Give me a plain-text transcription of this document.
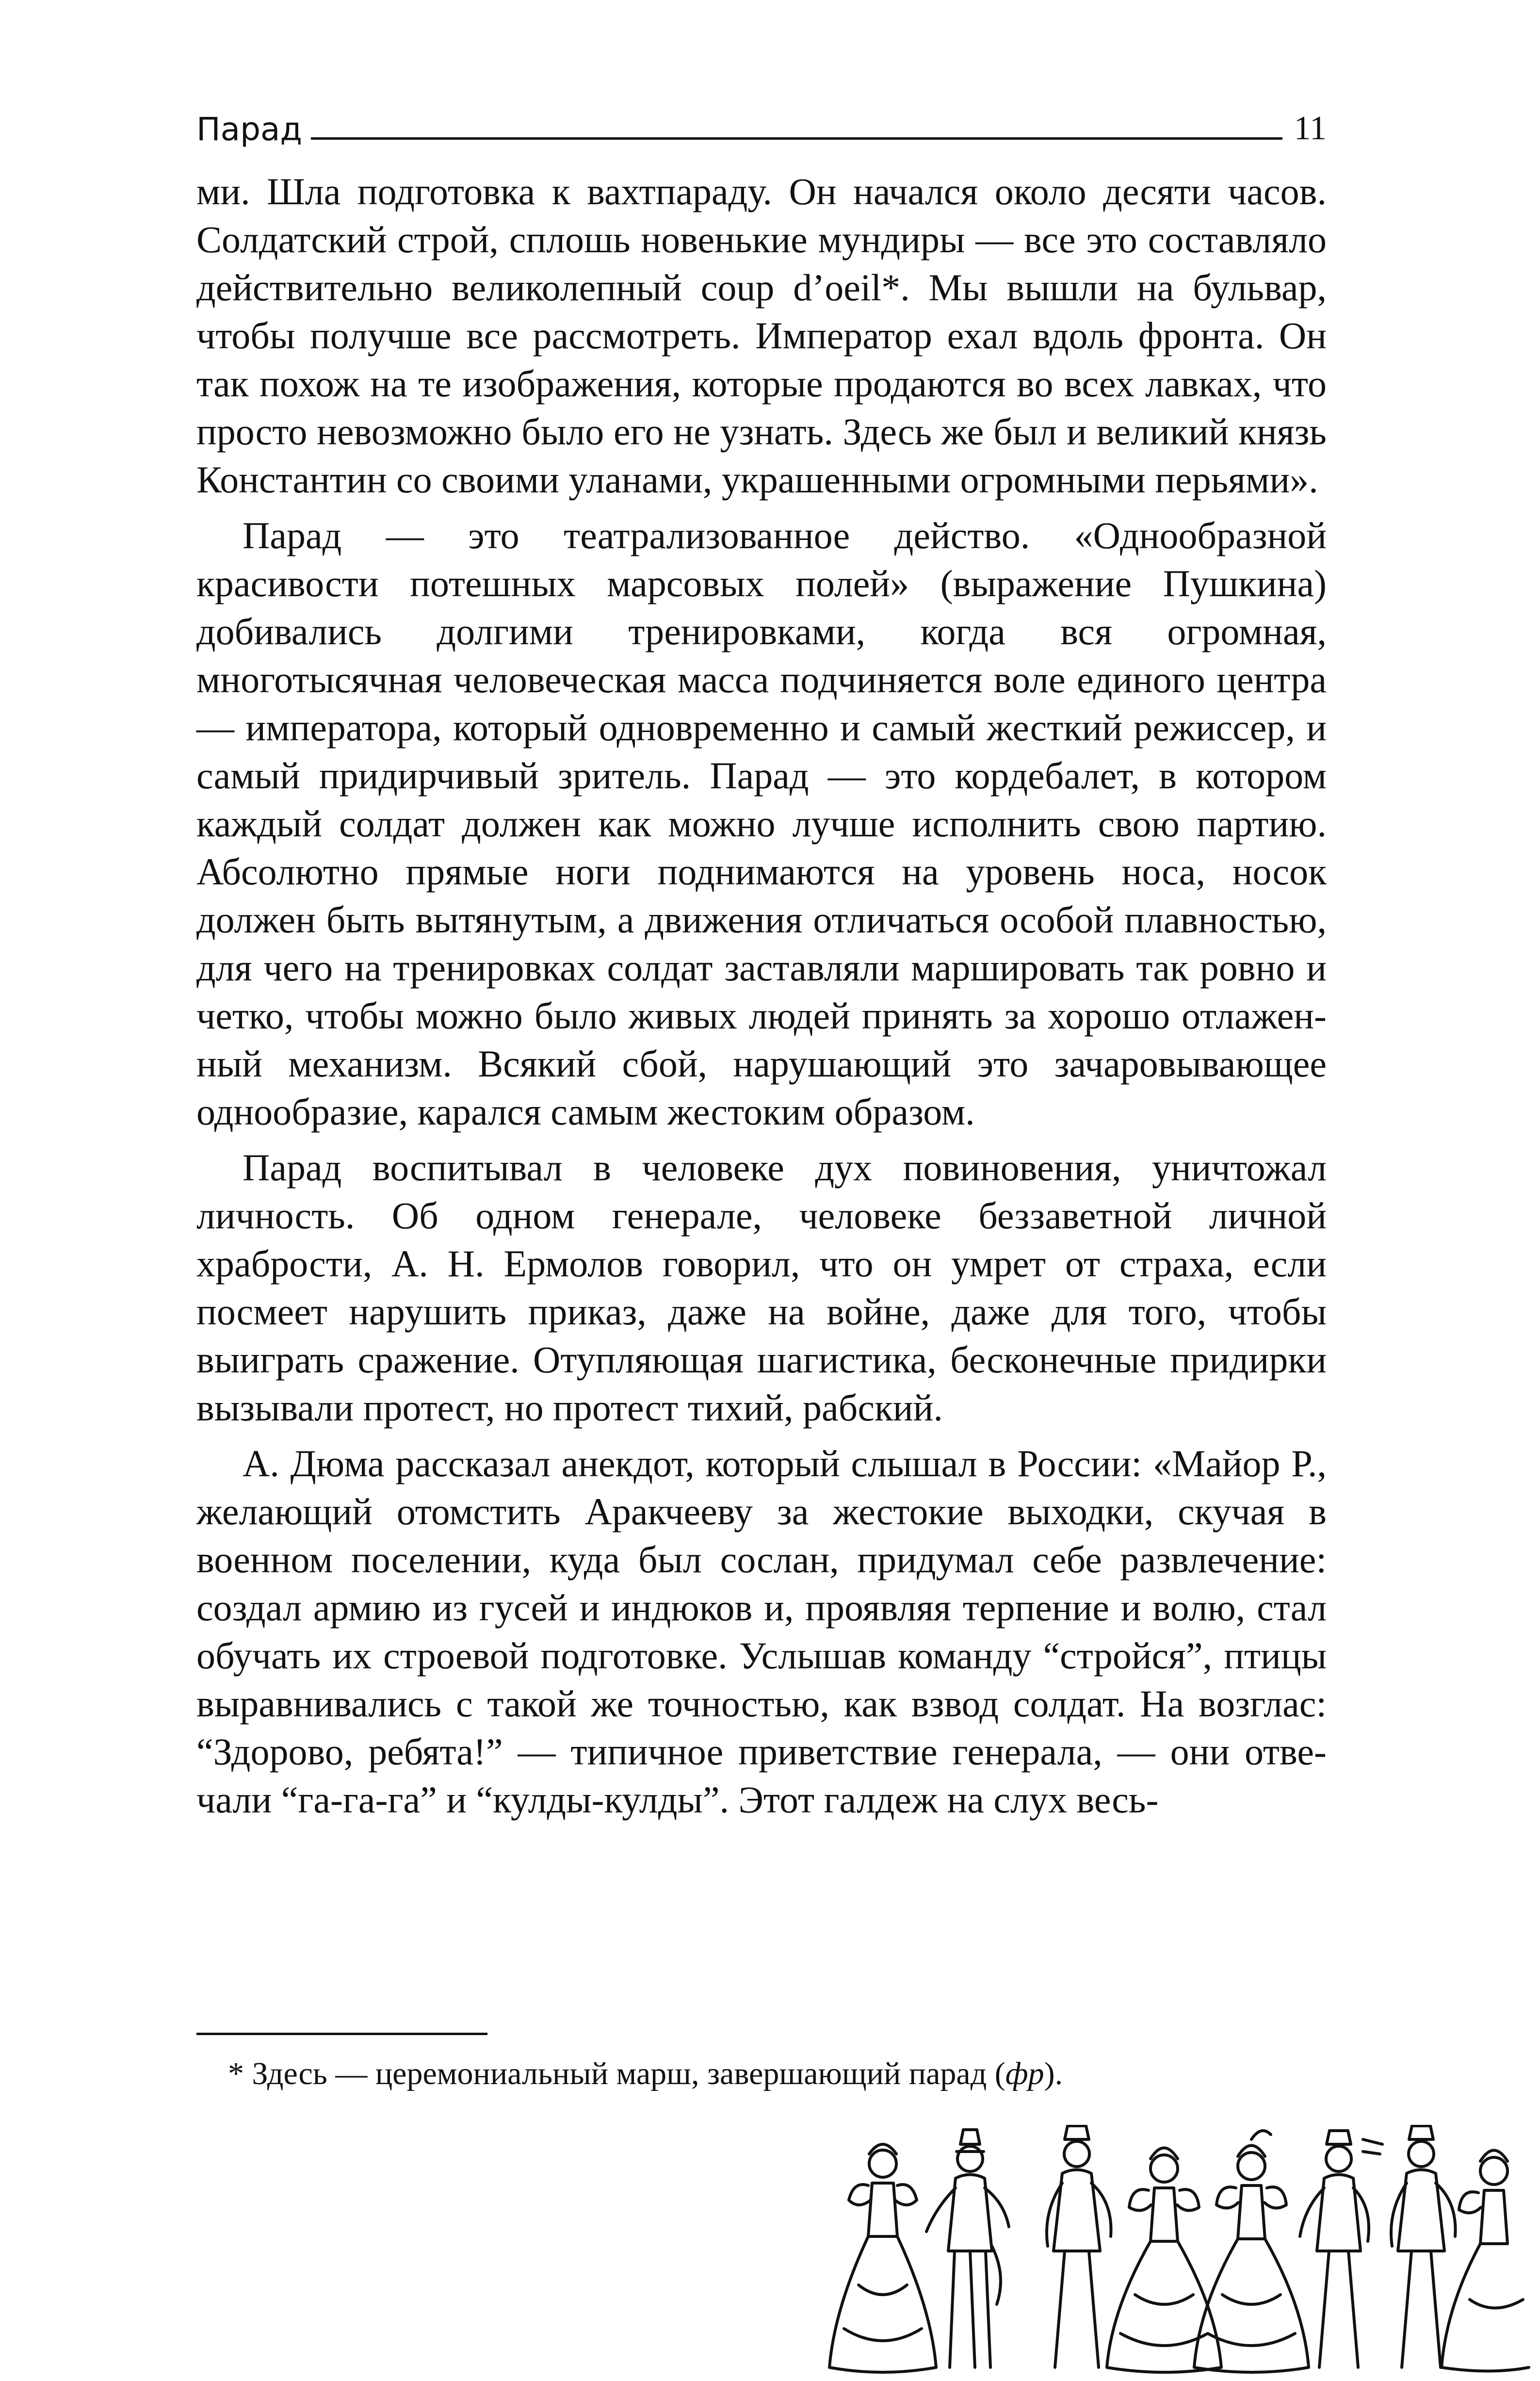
Парад	11

ми. Шла подготовка к вахтпараду. Он начался около десяти часов. Солдатский строй, сплошь новенькие мундиры — все это составляло действительно великолепный coup d’oeil*. Мы вышли на бульвар, чтобы получше все рассмотреть. Император ехал вдоль фронта. Он так похож на те изображения, которые продаются во всех лавках, что просто невозможно было его не узнать. Здесь же был и великий князь Константин со своими уланами, украшенными огромными перьями».

Парад — это театрализованное действо. «Однообразной красивости потешных марсовых полей» (выражение Пушкина) добивались долгими тренировками, когда вся огромная, многотысячная человеческая масса подчиняется воле единого центра — императора, который одновременно и самый жесткий режиссер, и самый придирчивый зритель. Парад — это кордебалет, в котором каждый солдат должен как можно лучше исполнить свою партию. Абсолютно прямые ноги поднимаются на уровень носа, носок должен быть вытянутым, а движения отличаться особой плавностью, для чего на тренировках солдат заставляли маршировать так ровно и четко, чтобы можно было живых людей принять за хорошо отлаженный механизм. Всякий сбой, нарушающий это зачаровывающее однообразие, карался самым жестоким образом.

Парад воспитывал в человеке дух повиновения, уничтожал личность. Об одном генерале, человеке беззаветной личной храбрости, А. Н. Ермолов говорил, что он умрет от страха, если посмеет нарушить приказ, даже на войне, даже для того, чтобы выиграть сражение. Отупляющая шагистика, бесконечные придирки вызывали протест, но протест тихий, рабский.

А. Дюма рассказал анекдот, который слышал в России: «Майор Р., желающий отомстить Аракчееву за жестокие выходки, скучая в военном поселении, куда был сослан, придумал себе развлечение: создал армию из гусей и индюков и, проявляя терпение и волю, стал обучать их строевой подготовке. Услышав команду “стройся”, птицы выравнивались с такой же точностью, как взвод солдат. На возглас: “Здорово, ребята!” — типичное приветствие генерала, — они отвечали “га-га-га” и “кулды-кулды”. Этот галдеж на слух весь-

* Здесь — церемониальный марш, завершающий парад (фр).
